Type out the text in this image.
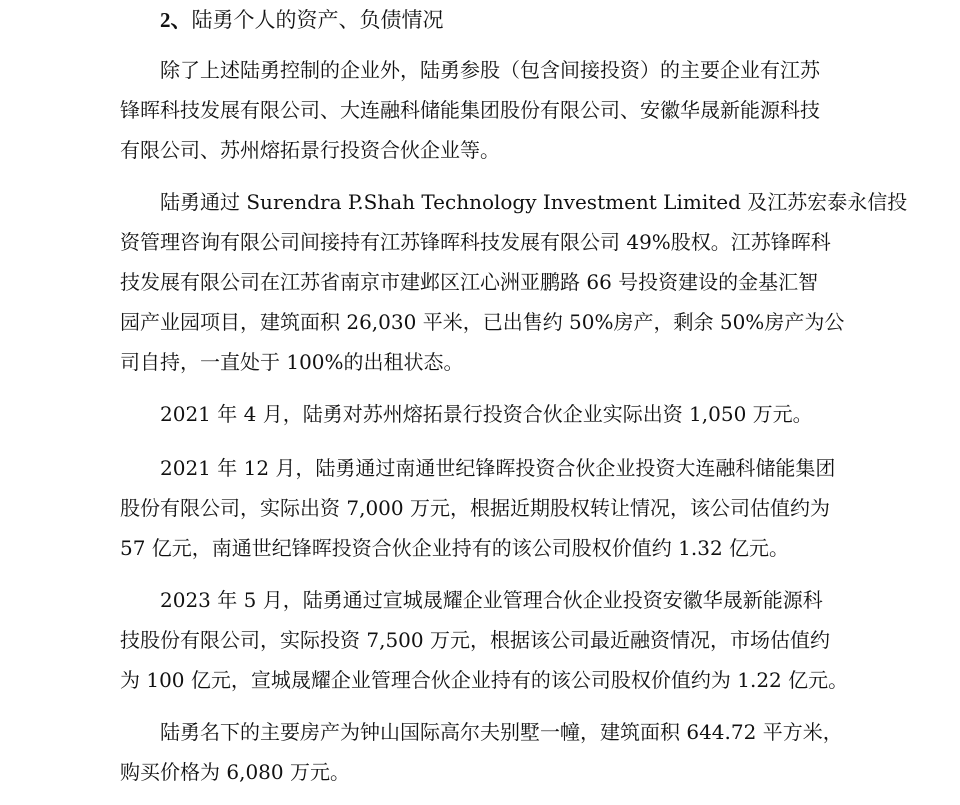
2、陆勇个人的资产、负债情况
除了上述陆勇控制的企业外，陆勇参股（包含间接投资）的主要企业有江苏
锋晖科技发展有限公司、大连融科储能集团股份有限公司、安徽华晟新能源科技
有限公司、苏州熔拓景行投资合伙企业等。
陆勇通过 Surendra P.Shah Technology Investment Limited 及江苏宏泰永信投
资管理咨询有限公司间接持有江苏锋晖科技发展有限公司 49%股权。江苏锋晖科
技发展有限公司在江苏省南京市建邺区江心洲亚鹏路 66 号投资建设的金基汇智
园产业园项目，建筑面积 26,030 平米，已出售约 50%房产，剩余 50%房产为公
司自持，一直处于 100%的出租状态。
2021 年 4 月，陆勇对苏州熔拓景行投资合伙企业实际出资 1,050 万元。
2021 年 12 月，陆勇通过南通世纪锋晖投资合伙企业投资大连融科储能集团
股份有限公司，实际出资 7,000 万元，根据近期股权转让情况，该公司估值约为
57 亿元，南通世纪锋晖投资合伙企业持有的该公司股权价值约 1.32 亿元。
2023 年 5 月，陆勇通过宣城晟耀企业管理合伙企业投资安徽华晟新能源科
技股份有限公司，实际投资 7,500 万元，根据该公司最近融资情况，市场估值约
为 100 亿元，宣城晟耀企业管理合伙企业持有的该公司股权价值约为 1.22 亿元。
陆勇名下的主要房产为钟山国际高尔夫别墅一幢，建筑面积 644.72 平方米，
购买价格为 6,080 万元。
